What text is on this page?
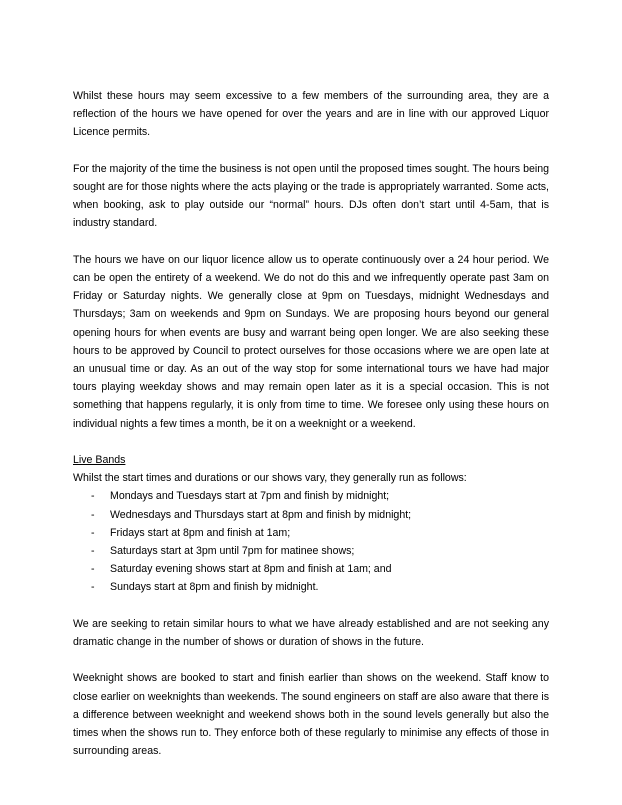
Whilst these hours may seem excessive to a few members of the surrounding area, they are a reflection of the hours we have opened for over the years and are in line with our approved Liquor Licence permits.

For the majority of the time the business is not open until the proposed times sought. The hours being sought are for those nights where the acts playing or the trade is appropriately warranted. Some acts, when booking, ask to play outside our “normal” hours. DJs often don’t start until 4-5am, that is industry standard.

The hours we have on our liquor licence allow us to operate continuously over a 24 hour period. We can be open the entirety of a weekend. We do not do this and we infrequently operate past 3am on Friday or Saturday nights. We generally close at 9pm on Tuesdays, midnight Wednesdays and Thursdays; 3am on weekends and 9pm on Sundays. We are proposing hours beyond our general opening hours for when events are busy and warrant being open longer. We are also seeking these hours to be approved by Council to protect ourselves for those occasions where we are open late at an unusual time or day. As an out of the way stop for some international tours we have had major tours playing weekday shows and may remain open later as it is a special occasion. This is not something that happens regularly, it is only from time to time. We foresee only using these hours on individual nights a few times a month, be it on a weeknight or a weekend.

Live Bands

Whilst the start times and durations or our shows vary, they generally run as follows:

- Mondays and Tuesdays start at 7pm and finish by midnight;
- Wednesdays and Thursdays start at 8pm and finish by midnight;
- Fridays start at 8pm and finish at 1am;
- Saturdays start at 3pm until 7pm for matinee shows;
- Saturday evening shows start at 8pm and finish at 1am; and
- Sundays start at 8pm and finish by midnight.

We are seeking to retain similar hours to what we have already established and are not seeking any dramatic change in the number of shows or duration of shows in the future.

Weeknight shows are booked to start and finish earlier than shows on the weekend. Staff know to close earlier on weeknights than weekends. The sound engineers on staff are also aware that there is a difference between weeknight and weekend shows both in the sound levels generally but also the times when the shows run to. They enforce both of these regularly to minimise any effects of those in surrounding areas.
